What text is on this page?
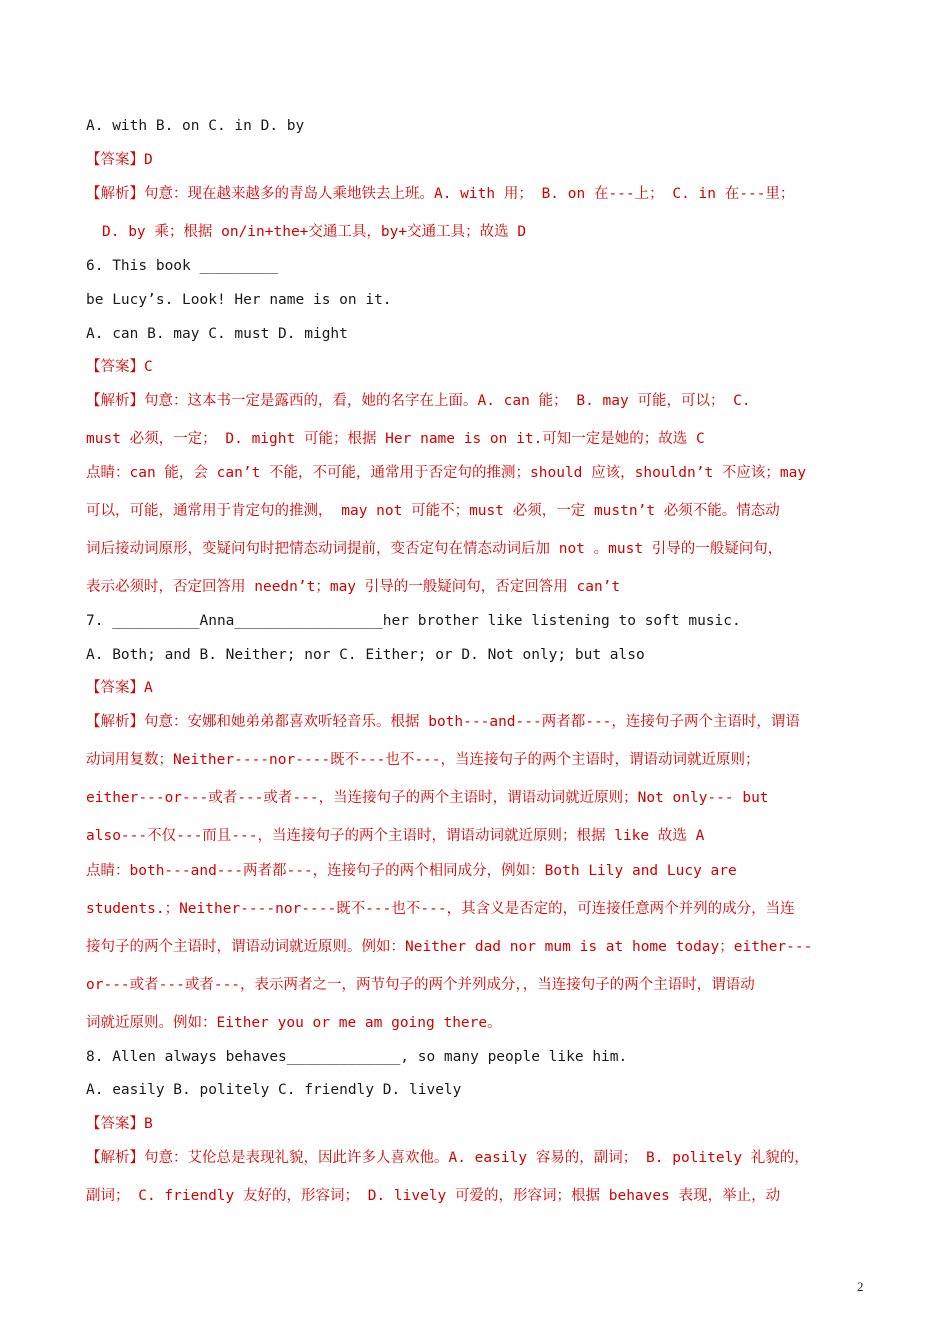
A. with B. on C. in D. by
【答案】D
【解析】句意：现在越来越多的青岛人乘地铁去上班。A. with 用； B. on 在---上； C. in 在---里；
D. by 乘；根据 on/in+the+交通工具，by+交通工具；故选 D
6. This book _________
be Lucy’s. Look! Her name is on it.
A. can B. may C. must D. might
【答案】C
【解析】句意：这本书一定是露西的，看，她的名字在上面。A. can 能； B. may 可能，可以； C.
must 必须，一定； D. might 可能；根据 Her name is on it.可知一定是她的；故选 C
点睛：can 能，会 can’t 不能，不可能，通常用于否定句的推测；should 应该，shouldn’t 不应该；may
可以，可能，通常用于肯定句的推测， may not 可能不；must 必须，一定 mustn’t 必须不能。情态动
词后接动词原形，变疑问句时把情态动词提前，变否定句在情态动词后加 not 。must 引导的一般疑问句，
表示必须时，否定回答用 needn’t；may 引导的一般疑问句，否定回答用 can’t
7. __________Anna_________________her brother like listening to soft music.
A. Both; and B. Neither; nor C. Either; or D. Not only; but also
【答案】A
【解析】句意：安娜和她弟弟都喜欢听轻音乐。根据 both---and---两者都---，连接句子两个主语时，谓语
动词用复数；Neither----nor----既不---也不---，当连接句子的两个主语时，谓语动词就近原则；
either---or---或者---或者---，当连接句子的两个主语时，谓语动词就近原则；Not only--- but
also---不仅---而且---，当连接句子的两个主语时，谓语动词就近原则；根据 like 故选 A
点睛：both---and---两者都---，连接句子的两个相同成分，例如：Both Lily and Lucy are
students.；Neither----nor----既不---也不---，其含义是否定的，可连接任意两个并列的成分，当连
接句子的两个主语时，谓语动词就近原则。例如：Neither dad nor mum is at home today；either---
or---或者---或者---，表示两者之一，两节句子的两个并列成分，，当连接句子的两个主语时，谓语动
词就近原则。例如：Either you or me am going there。
8. Allen always behaves_____________, so many people like him.
A. easily B. politely C. friendly D. lively
【答案】B
【解析】句意：艾伦总是表现礼貌，因此许多人喜欢他。A. easily 容易的，副词； B. politely 礼貌的，
副词； C. friendly 友好的，形容词； D. lively 可爱的，形容词；根据 behaves 表现，举止，动
2
